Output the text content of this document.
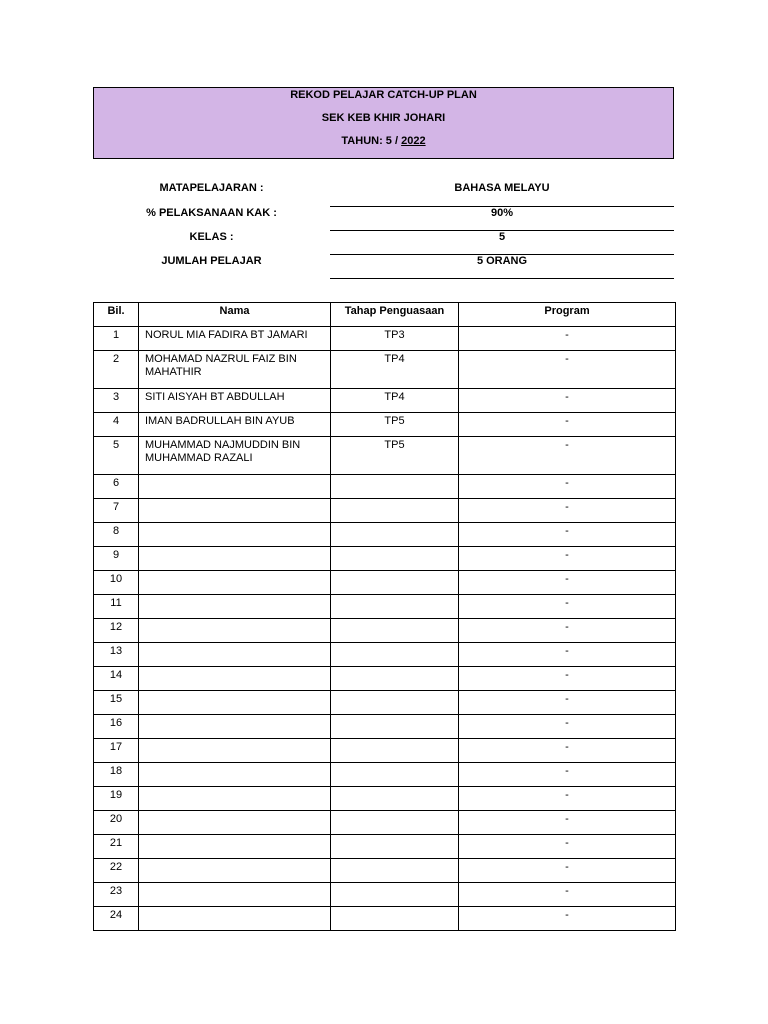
REKOD PELAJAR CATCH-UP PLAN
SEK KEB KHIR JOHARI
TAHUN: 5 / 2022
MATAPELAJARAN :	BAHASA MELAYU
% PELAKSANAAN KAK :	90%
KELAS :	5
JUMLAH PELAJAR	5 ORANG
Bil.	Nama	Tahap Penguasaan	Program
1	NORUL MIA FADIRA BT JAMARI	TP3	-
2	MOHAMAD NAZRUL FAIZ BIN MAHATHIR	TP4	-
3	SITI AISYAH BT ABDULLAH	TP4	-
4	IMAN BADRULLAH BIN AYUB	TP5	-
5	MUHAMMAD NAJMUDDIN BIN MUHAMMAD RAZALI	TP5	-
6			-
7			-
8			-
9			-
10			-
11			-
12			-
13			-
14			-
15			-
16			-
17			-
18			-
19			-
20			-
21			-
22			-
23			-
24			-
